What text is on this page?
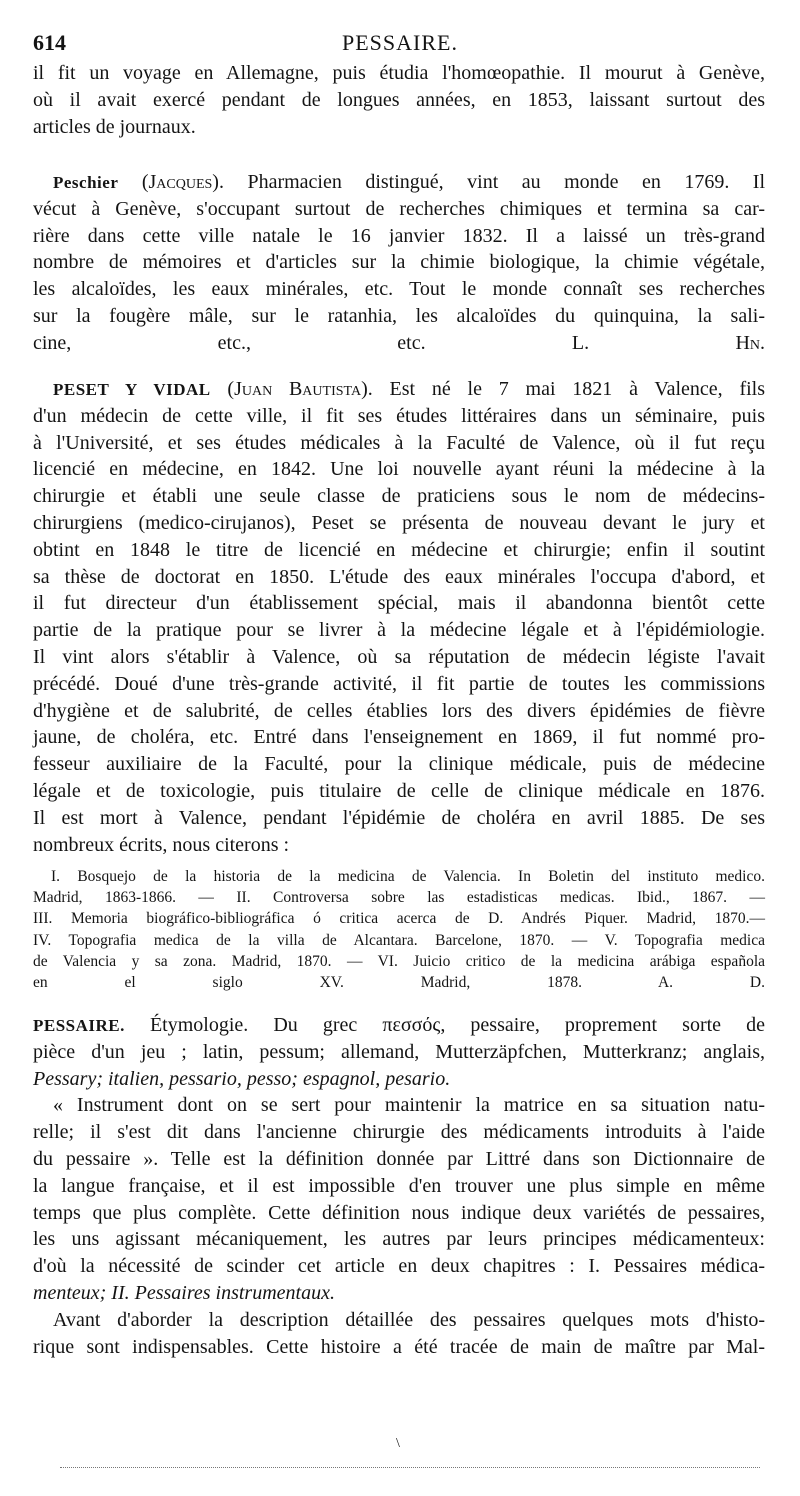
614	PESSAIRE.
il fit un voyage en Allemagne, puis étudia l'homœopathie. Il mourut à Genève,
où il avait exercé pendant de longues années, en 1853, laissant surtout des
articles de journaux.
Peschier (Jacques). Pharmacien distingué, vint au monde en 1769. Il
vécut à Genève, s'occupant surtout de recherches chimiques et termina sa car-
rière dans cette ville natale le 16 janvier 1832. Il a laissé un très-grand
nombre de mémoires et d'articles sur la chimie biologique, la chimie végétale,
les alcaloïdes, les eaux minérales, etc. Tout le monde connaît ses recherches
sur la fougère mâle, sur le ratanhia, les alcaloïdes du quinquina, la sali-
cine, etc., etc.	L. Hn.
PESET Y VIDAL (Juan Bautista). Est né le 7 mai 1821 à Valence, fils
d'un médecin de cette ville, il fit ses études littéraires dans un séminaire, puis
à l'Université, et ses études médicales à la Faculté de Valence, où il fut reçu
licencié en médecine, en 1842. Une loi nouvelle ayant réuni la médecine à la
chirurgie et établi une seule classe de praticiens sous le nom de médecins-
chirurgiens (medico-cirujanos), Peset se présenta de nouveau devant le jury et
obtint en 1848 le titre de licencié en médecine et chirurgie; enfin il soutint
sa thèse de doctorat en 1850. L'étude des eaux minérales l'occupa d'abord, et
il fut directeur d'un établissement spécial, mais il abandonna bientôt cette
partie de la pratique pour se livrer à la médecine légale et à l'épidémiologie.
Il vint alors s'établir à Valence, où sa réputation de médecin légiste l'avait
précédé. Doué d'une très-grande activité, il fit partie de toutes les commissions
d'hygiène et de salubrité, de celles établies lors des divers épidémies de fièvre
jaune, de choléra, etc. Entré dans l'enseignement en 1869, il fut nommé pro-
fesseur auxiliaire de la Faculté, pour la clinique médicale, puis de médecine
légale et de toxicologie, puis titulaire de celle de clinique médicale en 1876.
Il est mort à Valence, pendant l'épidémie de choléra en avril 1885. De ses
nombreux écrits, nous citerons :
I. Bosquejo de la historia de la medicina de Valencia. In Boletin del instituto medico.
Madrid, 1863-1866. — II. Controversa sobre las estadisticas medicas. Ibid., 1867. —
III. Memoria biográfico-bibliográfica ó critica acerca de D. Andrés Piquer. Madrid, 1870.—
IV. Topografia medica de la villa de Alcantara. Barcelone, 1870. — V. Topografia medica
de Valencia y sa zona. Madrid, 1870. — VI. Juicio critico de la medicina arábiga española
en el siglo XV. Madrid, 1878.	A. D.
PESSAIRE. Étymologie. Du grec πεσσός, pessaire, proprement sorte de
pièce d'un jeu ; latin, pessum; allemand, Mutterzäpfchen, Mutterkranz; anglais,
Pessary; italien, pessario, pesso; espagnol, pesario.
« Instrument dont on se sert pour maintenir la matrice en sa situation natu-
relle; il s'est dit dans l'ancienne chirurgie des médicaments introduits à l'aide
du pessaire ». Telle est la définition donnée par Littré dans son Dictionnaire de
la langue française, et il est impossible d'en trouver une plus simple en même
temps que plus complète. Cette définition nous indique deux variétés de pessaires,
les uns agissant mécaniquement, les autres par leurs principes médicamenteux:
d'où la nécessité de scinder cet article en deux chapitres : I. Pessaires médica-
menteux; II. Pessaires instrumentaux.
Avant d'aborder la description détaillée des pessaires quelques mots d'histo-
rique sont indispensables. Cette histoire a été tracée de main de maître par Mal-
\
